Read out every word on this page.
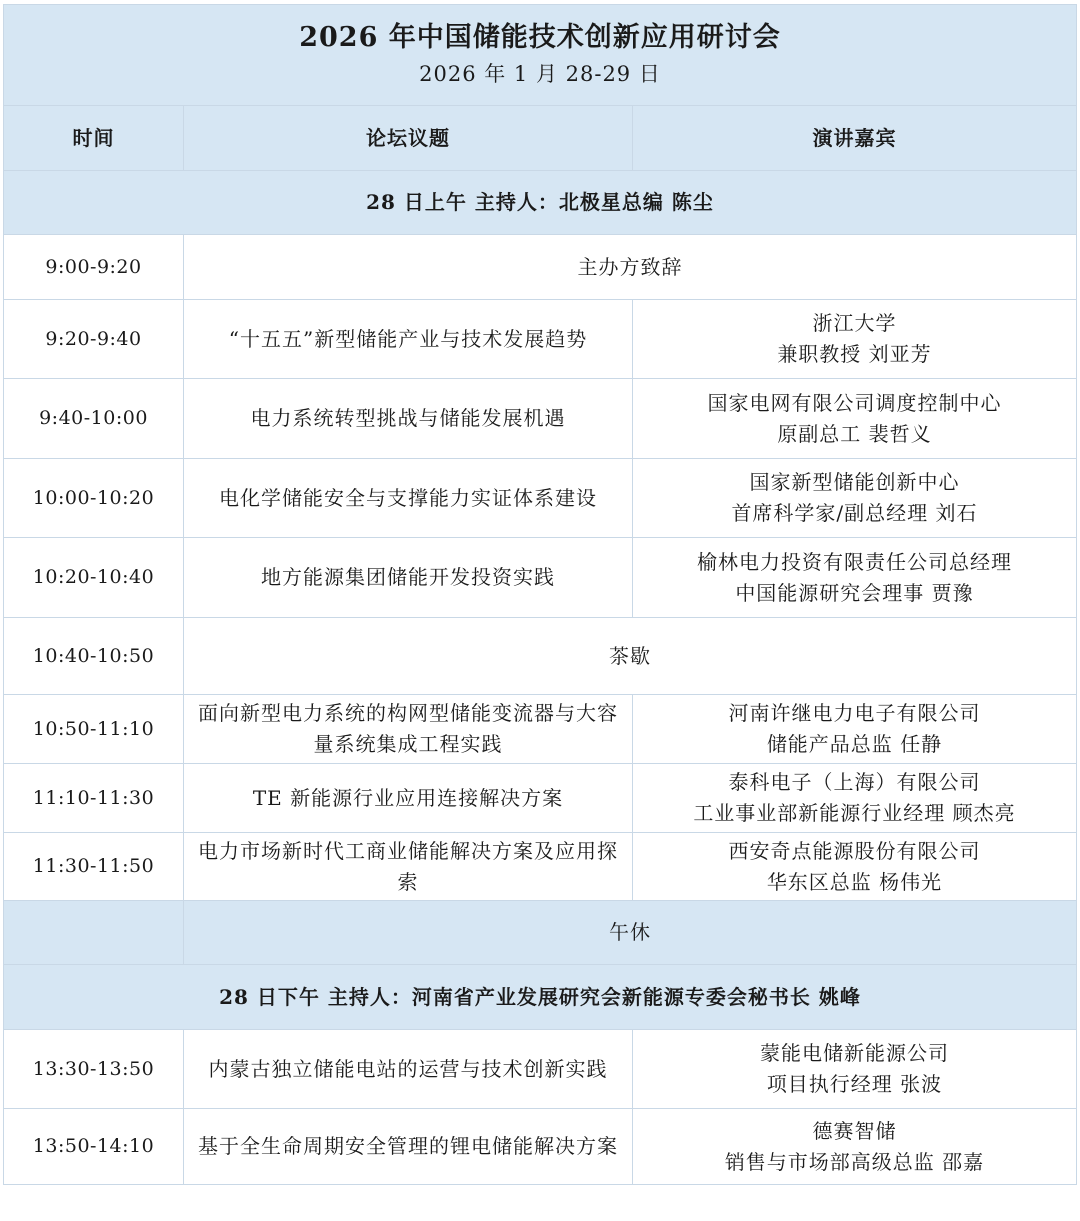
2026 年中国储能技术创新应用研讨会
2026 年 1 月 28-29 日		

时间	论坛议题	演讲嘉宾
28 日上午 主持人：北极星总编 陈尘		
9:00-9:20	主办方致辞	
9:20-9:40	“十五五”新型储能产业与技术发展趋势	浙江大学
兼职教授 刘亚芳

9:40-10:00	电力系统转型挑战与储能发展机遇	国家电网有限公司调度控制中心
原副总工 裴哲义

10:00-10:20	电化学储能安全与支撑能力实证体系建设	国家新型储能创新中心
首席科学家/副总经理 刘石

10:20-10:40	地方能源集团储能开发投资实践	榆林电力投资有限责任公司总经理
中国能源研究会理事 贾豫

10:40-10:50	茶歇	
10:50-11:10	面向新型电力系统的构网型储能变流器与大容量系统集成工程实践	河南许继电力电子有限公司
储能产品总监 任静

11:10-11:30	TE 新能源行业应用连接解决方案	泰科电子（上海）有限公司
工业事业部新能源行业经理 顾杰亮

11:30-11:50	电力市场新时代工商业储能解决方案及应用探索	西安奇点能源股份有限公司
华东区总监 杨伟光

	午休	
28 日下午 主持人：河南省产业发展研究会新能源专委会秘书长 姚峰		
13:30-13:50	内蒙古独立储能电站的运营与技术创新实践	蒙能电储新能源公司
项目执行经理 张波

13:50-14:10	基于全生命周期安全管理的锂电储能解决方案	德赛智储
销售与市场部高级总监 邵嘉
